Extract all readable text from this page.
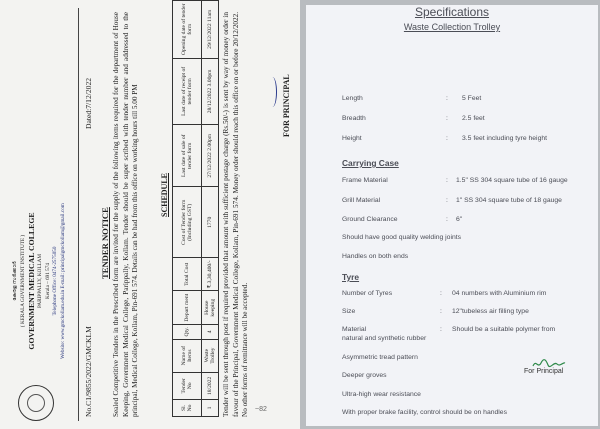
കേരള സർക്കാർ ( KERALA GOVERNMENT INSTITUTE ) GOVERNMENT MEDICAL COLLEGE PARIPPALLY, KOLLAM Kerala – 691 574 Telephone Office: 0474-2575050 Website: www.gmckollam.edu.in E-mail: principalgmckollam@gmail.com
No.C1/9855/2022/GMCKLM
Dated:7/12/2022
TENDER NOTICE Sealed Competitive Tenders in the Prescribed form are invited for the supply of the following items required for the department of House Keeping, Government Medical College, Parippally, Kollam. Tender should be super scribed with tender number and addressed to the principal, Medical College, Kollam, Pin-691 574. Details can be had from this office on working hours till 5.00 PM	SCHEDULE
Sl. No	Tender No	Name of Items	Qty.	Depart ment	Total Cost	Cost of Tender form (Including GST)	Last date of sale of tender form	Last date of receipt of tender form	Opening date of tender form
1	18/2022	Waste Trolley	4	House keeping	₹.3,30,400/-	1770	27/12/2022 2.00pm	28/12/2022 3.00pm	29/12/2022 11am Tender will be sent through post if required provided that amount with sufficient postage charge (Rs.50/-) is sent by way of money order in favour of the Principal, Government Medical College, Kollam, Pin-691 574. Money order should reach this office on or before 20/12/2022. No other forms of remittance will be accepted.
FOR PRINCIPAL
~82
Specifications
Waste Collection Trolley
Length	: 5 Feet
Breadth	: 2.5 feet
Height	: 3.5 feet including tyre height
Carrying Case
Frame Material	: 1.5" SS 304 square tube of 16 gauge
Grill Material	: 1" SS 304 square tube of 18 gauge
Ground Clearance	: 6"
Should have good quality welding joints
Handles on both ends
Tyre
Number of Tyres	: 04 numbers with Aluminium rim
Size	: 12"tubeless air filling type
Material	: Should be a suitable polymer from
natural and synthetic rubber
Asymmetric tread pattern
Deeper groves
Ultra-high wear resistance
With proper brake facility, control should be on handles
For Principal
